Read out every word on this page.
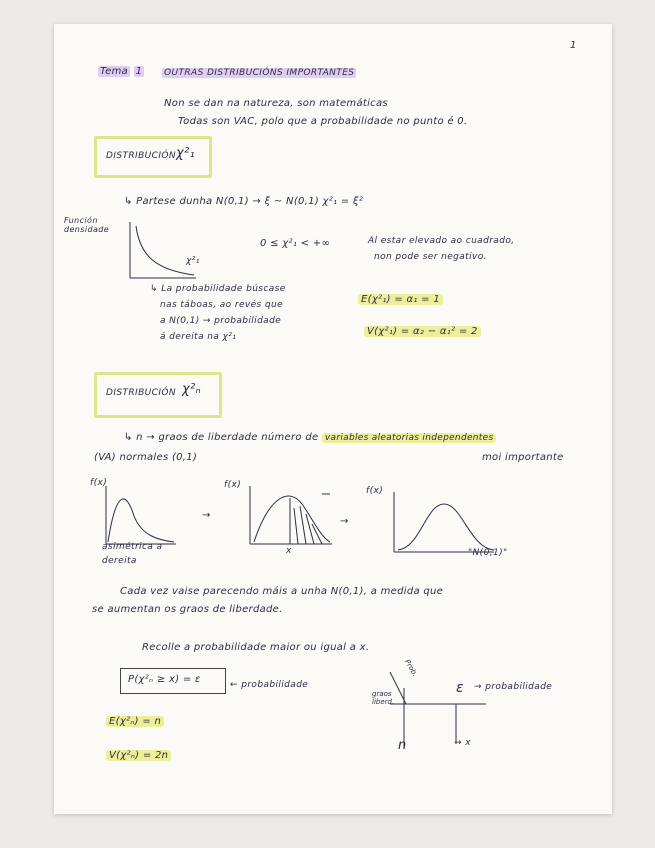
1
Tema 1 OUTRAS DISTRIBUCIÓNS IMPORTANTES
Non se dan na natureza, son matemáticas
Todas son VAC, polo que a probabilidade no punto é 0.
DISTRIBUCIÓN χ²₁
↳ Partese dunha N(0,1) → ξ ~ N(0,1) χ²₁ = ξ²
Función densidade
χ²₁
0 ≤ χ²₁ < +∞	Al estar elevado ao cuadrado,
non pode ser negativo.
↳ La probabilidade búscase
nas táboas, ao revés que
a N(0,1) → probabilidade
á dereita na χ²₁
E(χ²₁) = α₁ = 1
V(χ²₁) = α₂ − α₁² = 2
DISTRIBUCIÓN χ²ₙ
↳ n → graos de liberdade número de variables aleatorias independentes
(VA) normales (0,1)	moi importante
f(x)
asimétrica a
dereita
→
f(x)
x
→
f(x)
"N(0,1)"
Cada vez vaise parecendo máis a unha N(0,1), a medida que
se aumentan os graos de liberdade.
Recolle a probabilidade maior ou igual a x.
P(χ²ₙ ≥ x) = ε	← probabilidade
Prob.
graos liberd.
ε → probabilidade
n	→ x
E(χ²ₙ) = n
V(χ²ₙ) = 2n
